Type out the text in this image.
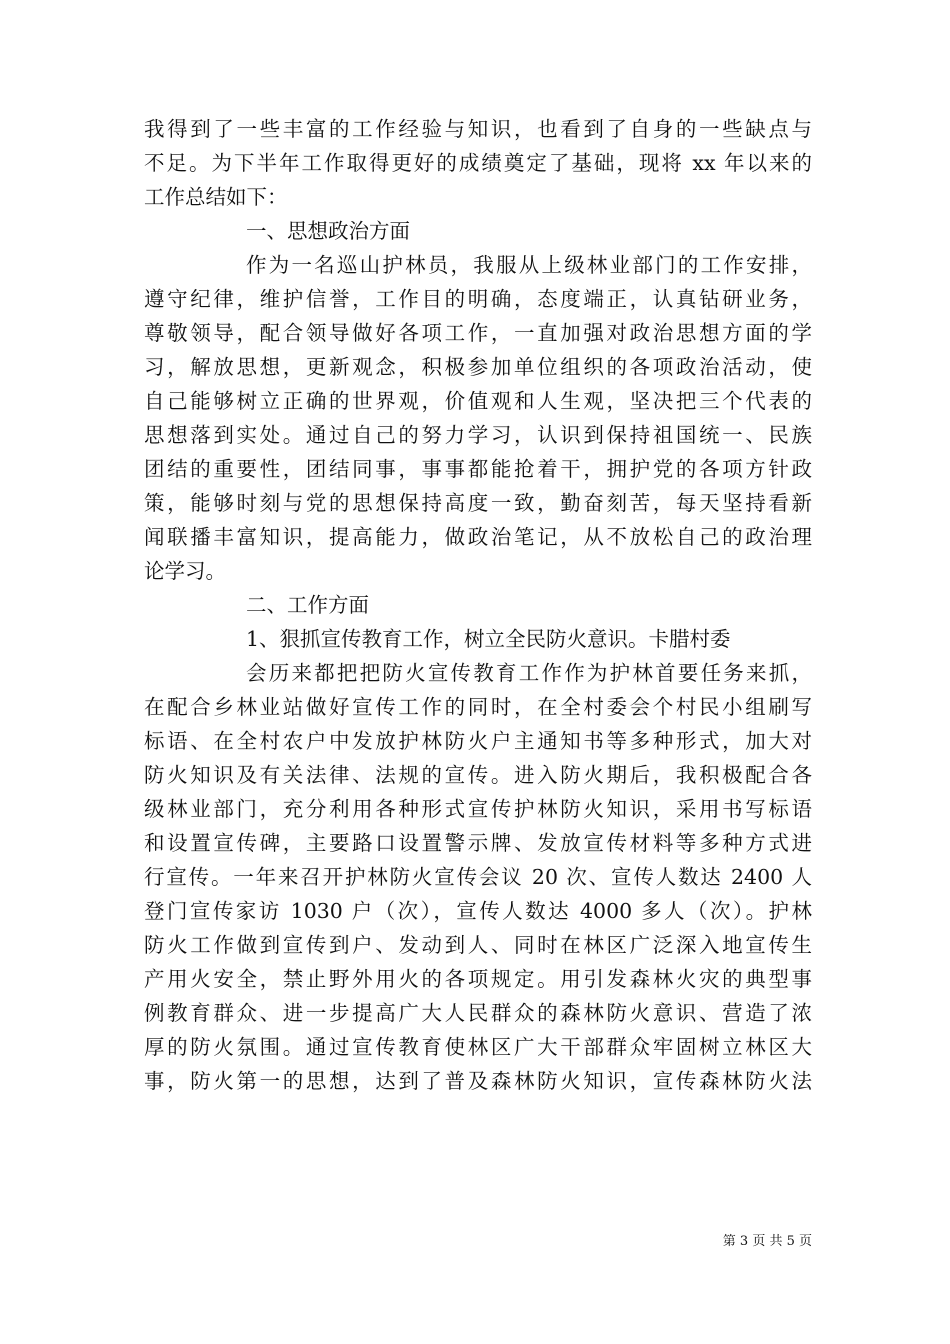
我得到了一些丰富的工作经验与知识，也看到了自身的一些缺点与
不足。为下半年工作取得更好的成绩奠定了基础，现将 xx 年以来的
工作总结如下：
一、思想政治方面
作为一名巡山护林员，我服从上级林业部门的工作安排，
遵守纪律，维护信誉，工作目的明确，态度端正，认真钻研业务，
尊敬领导，配合领导做好各项工作，一直加强对政治思想方面的学
习，解放思想，更新观念，积极参加单位组织的各项政治活动，使
自己能够树立正确的世界观，价值观和人生观，坚决把三个代表的
思想落到实处。通过自己的努力学习，认识到保持祖国统一、民族
团结的重要性，团结同事，事事都能抢着干，拥护党的各项方针政
策，能够时刻与党的思想保持高度一致，勤奋刻苦，每天坚持看新
闻联播丰富知识，提高能力，做政治笔记，从不放松自己的政治理
论学习。
二、工作方面
1、狠抓宣传教育工作，树立全民防火意识。卡腊村委
会历来都把把防火宣传教育工作作为护林首要任务来抓，
在配合乡林业站做好宣传工作的同时，在全村委会个村民小组刷写
标语、在全村农户中发放护林防火户主通知书等多种形式，加大对
防火知识及有关法律、法规的宣传。进入防火期后，我积极配合各
级林业部门，充分利用各种形式宣传护林防火知识，采用书写标语
和设置宣传碑，主要路口设置警示牌、发放宣传材料等多种方式进
行宣传。一年来召开护林防火宣传会议 20 次、宣传人数达 2400 人
登门宣传家访 1030 户（次），宣传人数达 4000 多人（次）。护林
防火工作做到宣传到户、发动到人、同时在林区广泛深入地宣传生
产用火安全，禁止野外用火的各项规定。用引发森林火灾的典型事
例教育群众、进一步提高广大人民群众的森林防火意识、营造了浓
厚的防火氛围。通过宣传教育使林区广大干部群众牢固树立林区大
事，防火第一的思想，达到了普及森林防火知识，宣传森林防火法
第 3 页 共 5 页
